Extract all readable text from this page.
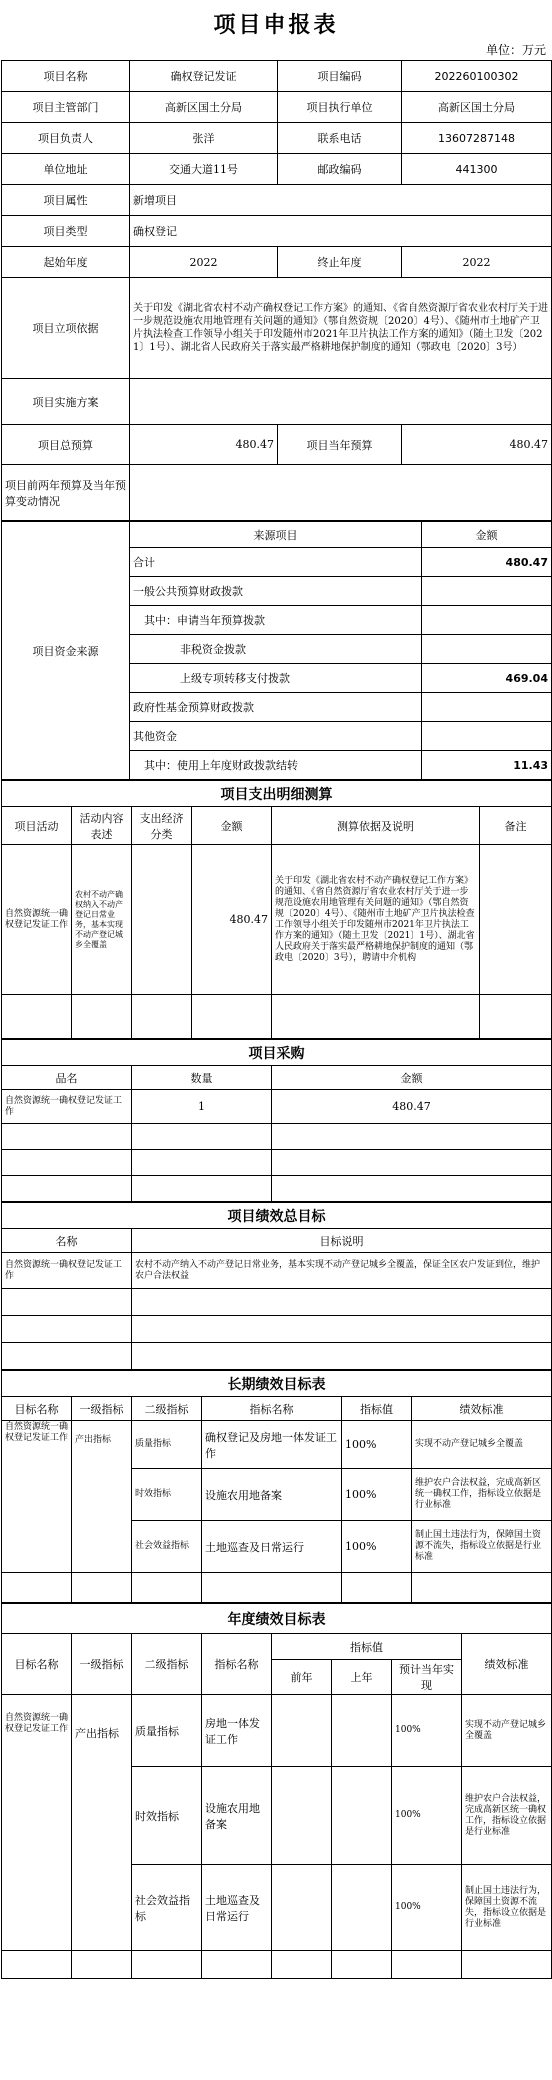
项目申报表
单位：万元
项目名称	确权登记发证	项目编码	202260100302
项目主管部门	高新区国土分局	项目执行单位	高新区国土分局
项目负责人	张洋	联系电话	13607287148
单位地址	交通大道11号	邮政编码	441300
项目属性	新增项目		
项目类型	确权登记		
起始年度	2022	终止年度	2022
项目立项依据	关于印发《湖北省农村不动产确权登记工作方案》的通知、《省自然资源厅省农业农村厅关于进一步规范设施农用地管理有关问题的通知》（鄂自然资规〔2020〕4号）、《随州市土地矿产卫片执法检查工作领导小组关于印发随州市2021年卫片执法工作方案的通知》（随土卫发〔2021〕1号）、湖北省人民政府关于落实最严格耕地保护制度的通知（鄂政电〔2020〕3号）		
项目实施方案			
项目总预算	480.47	项目当年预算	480.47
项目前两年预算及当年预算变动情况			
项目资金来源	来源项目	金额
	合计	480.47
	一般公共预算财政拨款	
	其中：申请当年预算拨款	
	非税资金拨款	
	上级专项转移支付拨款	469.04
	政府性基金预算财政拨款	
	其他资金	
	其中：使用上年度财政拨款结转	11.43
项目支出明细测算					
项目活动	活动内容表述	支出经济分类	金额	测算依据及说明	备注
自然资源统一确权登记发证工作	农村不动产确权纳入不动产登记日常业务，基本实现不动产登记城乡全覆盖		480.47	关于印发《湖北省农村不动产确权登记工作方案》的通知、《省自然资源厅省农业农村厅关于进一步规范设施农用地管理有关问题的通知》（鄂自然资规〔2020〕4号）、《随州市土地矿产卫片执法检查工作领导小组关于印发随州市2021年卫片执法工作方案的通知》（随土卫发〔2021〕1号）、湖北省人民政府关于落实最严格耕地保护制度的通知（鄂政电〔2020〕3号），聘请中介机构	

项目采购		
品名	数量	金额
自然资源统一确权登记发证工作	1	480.47

项目绩效总目标	
名称	目标说明
自然资源统一确权登记发证工作	农村不动产纳入不动产登记日常业务，基本实现不动产登记城乡全覆盖，保证全区农户发证到位，维护农户合法权益

长期绩效目标表					
目标名称	一级指标	二级指标	指标名称	指标值	绩效标准
自然资源统一确权登记发证工作	产出指标	质量指标	确权登记及房地一体发证工作	100%	实现不动产登记城乡全覆盖
		时效指标	设施农用地备案	100%	维护农户合法权益，完成高新区统一确权工作，指标设立依据是行业标准
		社会效益指标	土地巡查及日常运行	100%	制止国土违法行为，保障国土资源不流失，指标设立依据是行业标准

年度绩效目标表							
目标名称	一级指标	二级指标	指标名称	指标值			绩效标准
				前年	上年	预计当年实现	
自然资源统一确权登记发证工作	产出指标	质量指标	房地一体发证工作			100%	实现不动产登记城乡全覆盖
		时效指标	设施农用地备案			100%	维护农户合法权益，完成高新区统一确权工作，指标设立依据是行业标准
		社会效益指标	土地巡查及日常运行			100%	制止国土违法行为，保障国土资源不流失，指标设立依据是行业标准
